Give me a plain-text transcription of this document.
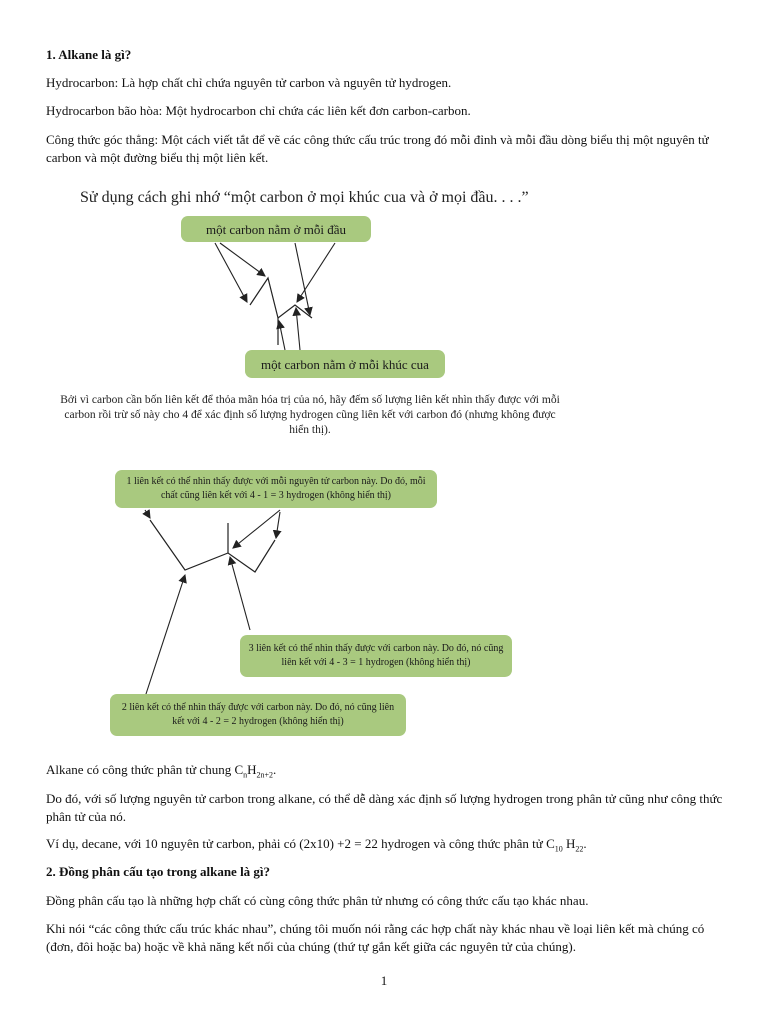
1. Alkane là gì?

Hydrocarbon: Là hợp chất chỉ chứa nguyên tử carbon và nguyên tử hydrogen.

Hydrocarbon bão hòa: Một hydrocarbon chỉ chứa các liên kết đơn carbon-carbon.

Công thức góc thẳng: Một cách viết tắt để vẽ các công thức cấu trúc trong đó mỗi đỉnh và mỗi đầu dòng biểu thị một nguyên tử carbon và một đường biểu thị một liên kết.

Sử dụng cách ghi nhớ “một carbon ở mọi khúc cua và ở mọi đầu. . . .”
một carbon nằm ở mỗi đầu
một carbon nằm ở mỗi khúc cua
Bởi vì carbon cần bốn liên kết để thỏa mãn hóa trị của nó, hãy đếm số lượng liên kết nhìn thấy được với mỗi carbon rồi trừ số này cho 4 để xác định số lượng hydrogen cũng liên kết với carbon đó (nhưng không được hiển thị).
1 liên kết có thể nhìn thấy được với mỗi nguyên tử carbon này. Do đó, mỗi chất cũng liên kết với 4 - 1 = 3 hydrogen (không hiển thị)
3 liên kết có thể nhìn thấy được với carbon này. Do đó, nó cũng liên kết với 4 - 3 = 1 hydrogen (không hiển thị)
2 liên kết có thể nhìn thấy được với carbon này. Do đó, nó cũng liên kết với 4 - 2 = 2 hydrogen (không hiển thị)

Alkane có công thức phân tử chung $C_nH_{2n+2}$.

Do đó, với số lượng nguyên tử carbon trong alkane, có thể dễ dàng xác định số lượng hydrogen trong phân tử cũng như công thức phân tử của nó.

Ví dụ, decane, với 10 nguyên tử carbon, phải có (2x10) +2 = 22 hydrogen và công thức phân tử $C_{10}$ $H_{22}$.

2. Đồng phân cấu tạo trong alkane là gì?

Đồng phân cấu tạo là những hợp chất có cùng công thức phân tử nhưng có công thức cấu tạo khác nhau.

Khi nói “các công thức cấu trúc khác nhau”, chúng tôi muốn nói rằng các hợp chất này khác nhau về loại liên kết mà chúng có (đơn, đôi hoặc ba) hoặc về khả năng kết nối của chúng (thứ tự gắn kết giữa các nguyên tử của chúng).

1
